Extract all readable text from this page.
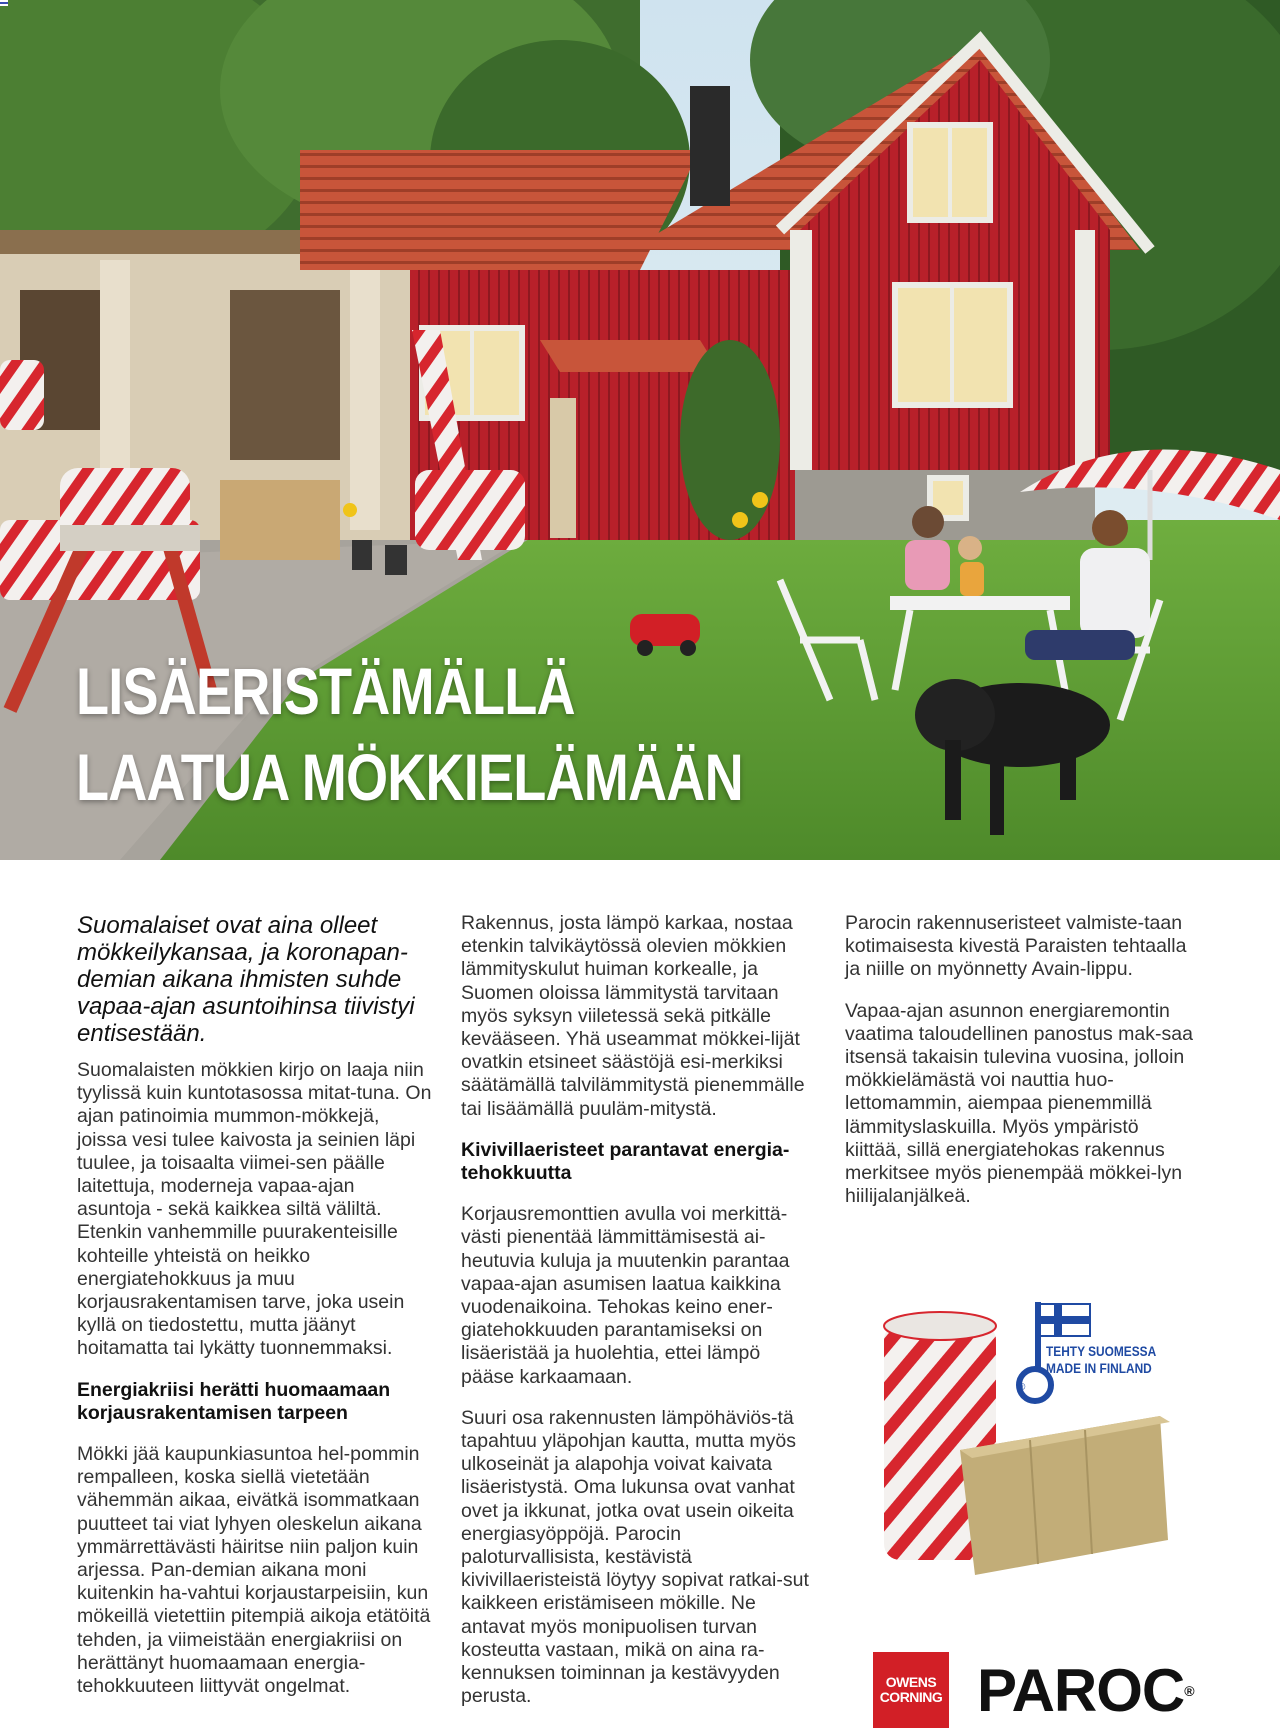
LISÄERISTÄMÄLLÄ
LAATUA MÖKKIELÄMÄÄN

Suomalaiset ovat aina olleet mökkeilykansaa, ja koronapan-demian aikana ihmisten suhde vapaa-ajan asuntoihinsa tiivistyi entisestään.

Suomalaisten mökkien kirjo on laaja niin tyylissä kuin kuntotasossa mitat-tuna. On ajan patinoimia mummon-mökkejä, joissa vesi tulee kaivosta ja seinien läpi tuulee, ja toisaalta viimei-sen päälle laitettuja, moderneja vapaa-ajan asuntoja - sekä kaikkea siltä väliltä. Etenkin vanhemmille puurakenteisille kohteille yhteistä on heikko energiatehokkuus ja muu korjausrakentamisen tarve, joka usein kyllä on tiedostettu, mutta jäänyt hoitamatta tai lykätty tuonnemmaksi.

Energiakriisi herätti huomaamaan korjausrakentamisen tarpeen

Mökki jää kaupunkiasuntoa hel-pommin rempalleen, koska siellä vietetään vähemmän aikaa, eivätkä isommatkaan puutteet tai viat lyhyen oleskelun aikana ymmärrettävästi häiritse niin paljon kuin arjessa. Pan-demian aikana moni kuitenkin ha-vahtui korjaustarpeisiin, kun mökeillä vietettiin pitempiä aikoja etätöitä tehden, ja viimeistään energiakriisi on herättänyt huomaamaan energia-tehokkuuteen liittyvät ongelmat.

Rakennus, josta lämpö karkaa, nostaa etenkin talvikäytössä olevien mökkien lämmityskulut huiman korkealle, ja Suomen oloissa lämmitystä tarvitaan myös syksyn viiletessä sekä pitkälle kevääseen. Yhä useammat mökkei-lijät ovatkin etsineet säästöjä esi-merkiksi säätämällä talvilämmitystä pienemmälle tai lisäämällä puuläm-mitystä.

Kivivillaeristeet parantavat energia-tehokkuutta

Korjausremonttien avulla voi merkittä-västi pienentää lämmittämisestä ai-heutuvia kuluja ja muutenkin parantaa vapaa-ajan asumisen laatua kaikkina vuodenaikoina. Tehokas keino ener-giatehokkuuden parantamiseksi on lisäeristää ja huolehtia, ettei lämpö pääse karkaamaan.

Suuri osa rakennusten lämpöhäviös-tä tapahtuu yläpohjan kautta, mutta myös ulkoseinät ja alapohja voivat kaivata lisäeristystä. Oma lukunsa ovat vanhat ovet ja ikkunat, jotka ovat usein oikeita energiasyöppöjä. Parocin paloturvallisista, kestävistä kivivillaeristeistä löytyy sopivat ratkai-sut kaikkeen eristämiseen mökille. Ne antavat myös monipuolisen turvan kosteutta vastaan, mikä on aina ra-kennuksen toiminnan ja kestävyyden perusta.

Parocin rakennuseristeet valmiste-taan kotimaisesta kivestä Paraisten tehtaalla ja niille on myönnetty Avain-lippu.

Vapaa-ajan asunnon energiaremontin vaatima taloudellinen panostus mak-saa itsensä takaisin tulevina vuosina, jolloin mökkielämästä voi nauttia huo-lettomammin, aiempaa pienemmillä lämmityslaskuilla. Myös ympäristö kiittää, sillä energiatehokas rakennus merkitsee myös pienempää mökkei-lyn hiilijalanjälkeä.

®
TEHTY SUOMESSA
MADE IN FINLAND
OWENS
CORNING PAROC®
